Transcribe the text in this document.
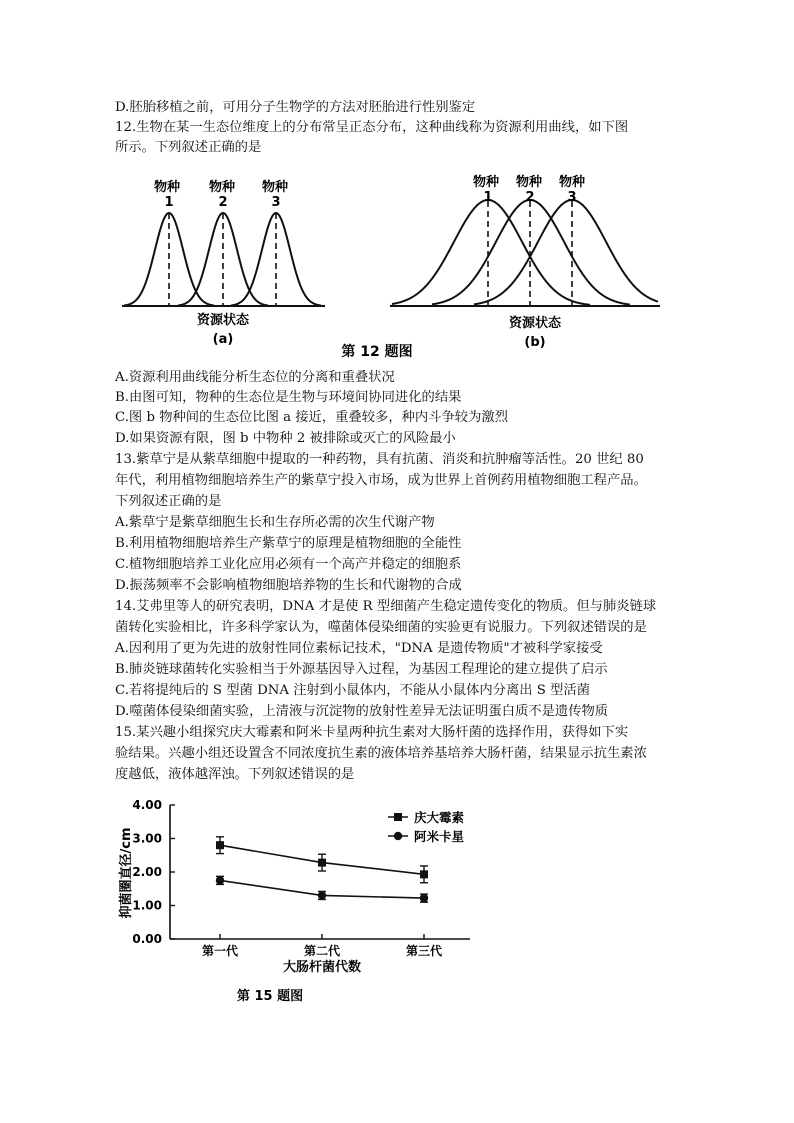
D.胚胎移植之前，可用分子生物学的方法对胚胎进行性别鉴定
12.生物在某一生态位维度上的分布常呈正态分布，这种曲线称为资源利用曲线，如下图
所示。下列叙述正确的是
物种
1
物种
2
物种
3
资源状态
(a)
物种
1
物种
2
物种
3
资源状态
(b)
第 12 题图
A.资源利用曲线能分析生态位的分离和重叠状况
B.由图可知，物种的生态位是生物与环境间协同进化的结果
C.图 b 物种间的生态位比图 a 接近，重叠较多，种内斗争较为激烈
D.如果资源有限，图 b 中物种 2 被排除或灭亡的风险最小
13.紫草宁是从紫草细胞中提取的一种药物，具有抗菌、消炎和抗肿瘤等活性。20 世纪 80
年代，利用植物细胞培养生产的紫草宁投入市场，成为世界上首例药用植物细胞工程产品。
下列叙述正确的是
A.紫草宁是紫草细胞生长和生存所必需的次生代谢产物
B.利用植物细胞培养生产紫草宁的原理是植物细胞的全能性
C.植物细胞培养工业化应用必须有一个高产并稳定的细胞系
D.振荡频率不会影响植物细胞培养物的生长和代谢物的合成
14.艾弗里等人的研究表明，DNA 才是使 R 型细菌产生稳定遗传变化的物质。但与肺炎链球
菌转化实验相比，许多科学家认为，噬菌体侵染细菌的实验更有说服力。下列叙述错误的是
A.因利用了更为先进的放射性同位素标记技术，"DNA 是遗传物质"才被科学家接受
B.肺炎链球菌转化实验相当于外源基因导入过程，为基因工程理论的建立提供了启示
C.若将提纯后的 S 型菌 DNA 注射到小鼠体内，不能从小鼠体内分离出 S 型活菌
D.噬菌体侵染细菌实验，上清液与沉淀物的放射性差异无法证明蛋白质不是遗传物质
15.某兴趣小组探究庆大霉素和阿米卡星两种抗生素对大肠杆菌的选择作用，获得如下实
验结果。兴趣小组还设置含不同浓度抗生素的液体培养基培养大肠杆菌，结果显示抗生素浓
度越低，液体越浑浊。下列叙述错误的是
0.00
1.00
2.00
3.00
4.00
第一代	第二代	第三代
庆大霉素
阿米卡星
抑菌圈直径/cm
大肠杆菌代数
第 15 题图
